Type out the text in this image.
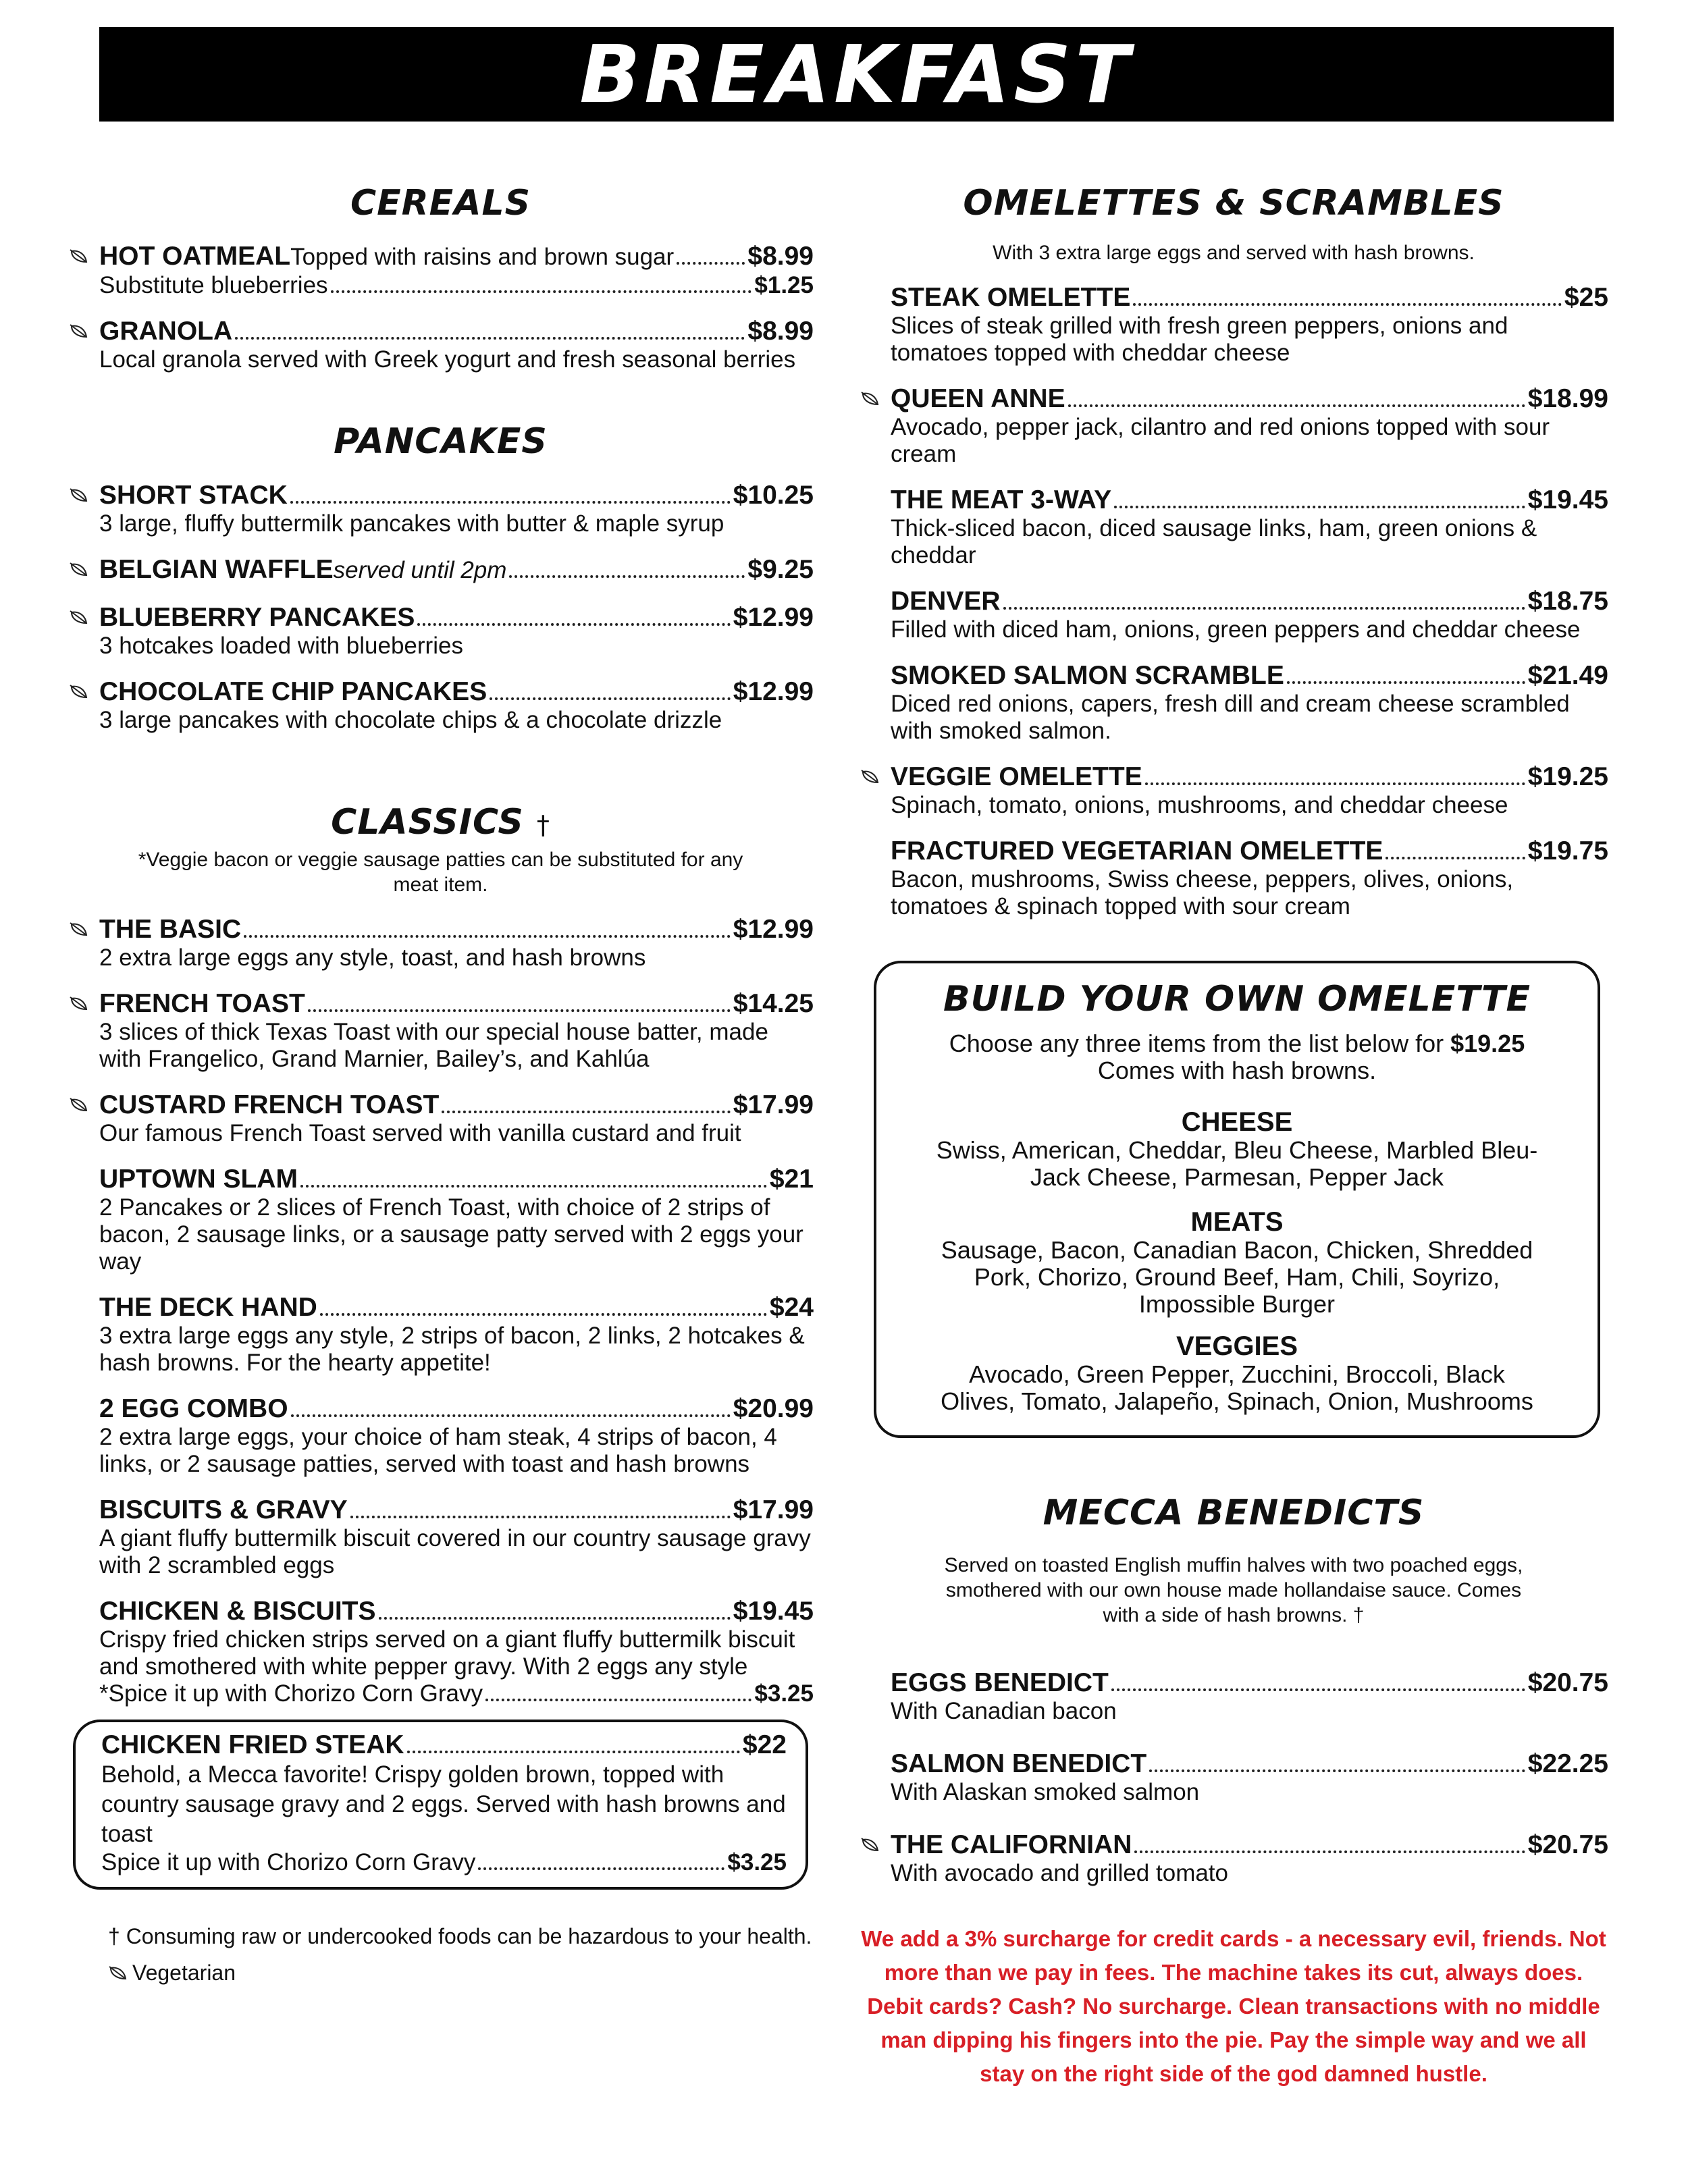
BREAKFAST
CEREALS
HOT OATMEAL Topped with raisins and brown sugar	$8.99
Substitute blueberries	$1.25
GRANOLA	$8.99

Local granola served with Greek yogurt and fresh seasonal berries

PANCAKES
SHORT STACK	$10.25

3 large, fluffy buttermilk pancakes with butter & maple syrup

BELGIAN WAFFLE served until 2pm	$9.25
BLUEBERRY PANCAKES	$12.99

3 hotcakes loaded with blueberries

CHOCOLATE CHIP PANCAKES	$12.99

3 large pancakes with chocolate chips & a chocolate drizzle

CLASSICS †

*Veggie bacon or veggie sausage patties can be substituted for any meat item.

THE BASIC	$12.99

2 extra large eggs any style, toast, and hash browns

FRENCH TOAST	$14.25

3 slices of thick Texas Toast with our special house batter, made with Frangelico, Grand Marnier, Bailey’s, and Kahlúa

CUSTARD FRENCH TOAST	$17.99

Our famous French Toast served with vanilla custard and fruit

UPTOWN SLAM	$21

2 Pancakes or 2 slices of French Toast, with choice of 2 strips of bacon, 2 sausage links, or a sausage patty served with 2 eggs your way

THE DECK HAND	$24

3 extra large eggs any style, 2 strips of bacon, 2 links, 2 hotcakes & hash browns. For the hearty appetite!

2 EGG COMBO	$20.99

2 extra large eggs, your choice of ham steak, 4 strips of bacon, 4 links, or 2 sausage patties, served with toast and hash browns

BISCUITS & GRAVY	$17.99

A giant fluffy buttermilk biscuit covered in our country sausage gravy with 2 scrambled eggs

CHICKEN & BISCUITS	$19.45

Crispy fried chicken strips served on a giant fluffy buttermilk biscuit and smothered with white pepper gravy. With 2 eggs any style

*Spice it up with Chorizo Corn Gravy	$3.25
CHICKEN FRIED STEAK	$22

Behold, a Mecca favorite! Crispy golden brown, topped with country sausage gravy and 2 eggs. Served with hash browns and toast

Spice it up with Chorizo Corn Gravy	$3.25
† Consuming raw or undercooked foods can be hazardous to your health.
Vegetarian
OMELETTES & SCRAMBLES

With 3 extra large eggs and served with hash browns.

STEAK OMELETTE	$25

Slices of steak grilled with fresh green peppers, onions and tomatoes topped with cheddar cheese

QUEEN ANNE	$18.99

Avocado, pepper jack, cilantro and red onions topped with sour cream

THE MEAT 3-WAY	$19.45

Thick-sliced bacon, diced sausage links, ham, green onions & cheddar

DENVER	$18.75

Filled with diced ham, onions, green peppers and cheddar cheese

SMOKED SALMON SCRAMBLE	$21.49

Diced red onions, capers, fresh dill and cream cheese scrambled with smoked salmon.

VEGGIE OMELETTE	$19.25

Spinach, tomato, onions, mushrooms, and cheddar cheese

FRACTURED VEGETARIAN OMELETTE	$19.75

Bacon, mushrooms, Swiss cheese, peppers, olives, onions, tomatoes & spinach topped with sour cream

BUILD YOUR OWN OMELETTE

Choose any three items from the list below for $19.25

Comes with hash browns.

CHEESE

Swiss, American, Cheddar, Bleu Cheese, Marbled Bleu-Jack Cheese, Parmesan, Pepper Jack

MEATS

Sausage, Bacon, Canadian Bacon, Chicken, Shredded Pork, Chorizo, Ground Beef, Ham, Chili, Soyrizo, Impossible Burger

VEGGIES

Avocado, Green Pepper, Zucchini, Broccoli, Black Olives, Tomato, Jalapeño, Spinach, Onion, Mushrooms

MECCA BENEDICTS

Served on toasted English muffin halves with two poached eggs, smothered with our own house made hollandaise sauce. Comes with a side of hash browns. †

EGGS BENEDICT	$20.75

With Canadian bacon

SALMON BENEDICT	$22.25

With Alaskan smoked salmon

THE CALIFORNIAN	$20.75

With avocado and grilled tomato

We add a 3% surcharge for credit cards - a necessary evil, friends. Not more than we pay in fees. The machine takes its cut, always does. Debit cards? Cash? No surcharge. Clean transactions with no middle man dipping his fingers into the pie. Pay the simple way and we all stay on the right side of the god damned hustle.
